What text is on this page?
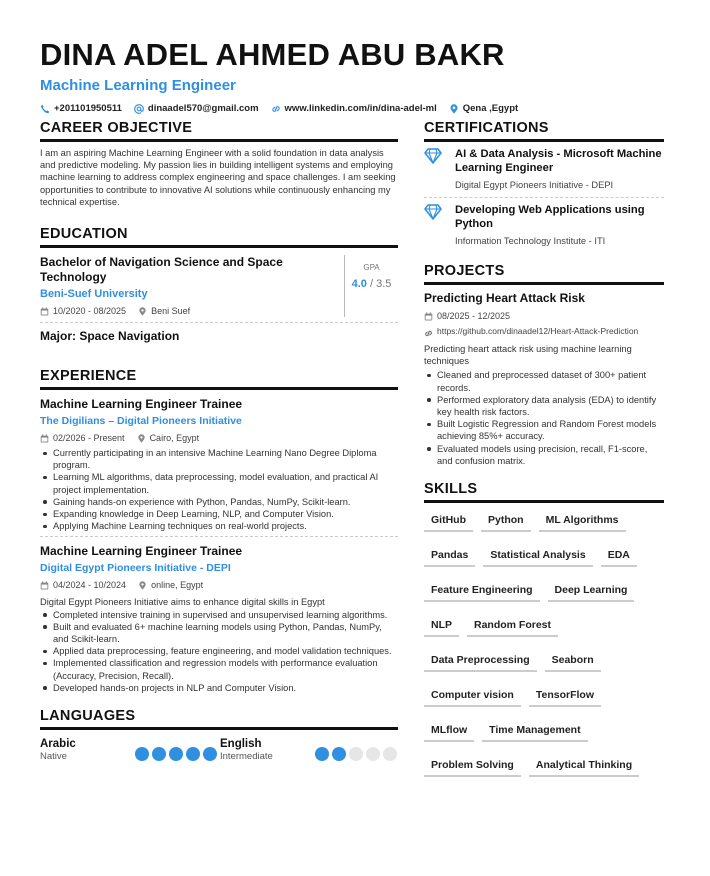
DINA ADEL AHMED ABU BAKR
Machine Learning Engineer
+201101950511	dinaadel570@gmail.com	www.linkedin.com/in/dina-adel-ml	Qena ,Egypt
CAREER OBJECTIVE

I am an aspiring Machine Learning Engineer with a solid foundation in data analysis and predictive modeling. My passion lies in building intelligent systems and employing machine learning to address complex engineering and space challenges. I am seeking opportunities to contribute to innovative AI solutions while continuously enhancing my technical expertise.

EDUCATION
Bachelor of Navigation Science and Space Technology
Beni-Suef University
10/2020 - 08/2025	Beni Suef
GPA
4.0 / 3.5
Major: Space Navigation
EXPERIENCE
Machine Learning Engineer Trainee
The Digilians – Digital Pioneers Initiative
02/2026 - Present	Cairo, Egypt
Currently participating in an intensive Machine Learning Nano Degree Diploma program.
Learning ML algorithms, data preprocessing, model evaluation, and practical AI project implementation.
Gaining hands-on experience with Python, Pandas, NumPy, Scikit-learn.
Expanding knowledge in Deep Learning, NLP, and Computer Vision.
Applying Machine Learning techniques on real-world projects.
Machine Learning Engineer Trainee
Digital Egypt Pioneers Initiative - DEPI
04/2024 - 10/2024	online, Egypt

Digital Egypt Pioneers Initiative aims to enhance digital skills in Egypt

Completed intensive training in supervised and unsupervised learning algorithms.
Built and evaluated 6+ machine learning models using Python, Pandas, NumPy, and Scikit-learn.
Applied data preprocessing, feature engineering, and model validation techniques.
Implemented classification and regression models with performance evaluation (Accuracy, Precision, Recall).
Developed hands-on projects in NLP and Computer Vision.
LANGUAGES
Arabic
Native
English
Intermediate
CERTIFICATIONS
AI & Data Analysis - Microsoft Machine Learning Engineer
Digital Egypt Pioneers Initiative - DEPI
Developing Web Applications using Python
Information Technology Institute - ITI
PROJECTS
Predicting Heart Attack Risk
08/2025 - 12/2025
https://github.com/dinaadel12/Heart-Attack-Prediction

Predicting heart attack risk using machine learning techniques

Cleaned and preprocessed dataset of 300+ patient records.
Performed exploratory data analysis (EDA) to identify key health risk factors.
Built Logistic Regression and Random Forest models achieving 85%+ accuracy.
Evaluated models using precision, recall, F1-score, and confusion matrix.
SKILLS
GitHub	Python	ML Algorithms
Pandas	Statistical Analysis	EDA
Feature Engineering	Deep Learning
NLP	Random Forest
Data Preprocessing	Seaborn
Computer vision	TensorFlow
MLflow	Time Management
Problem Solving	Analytical Thinking
